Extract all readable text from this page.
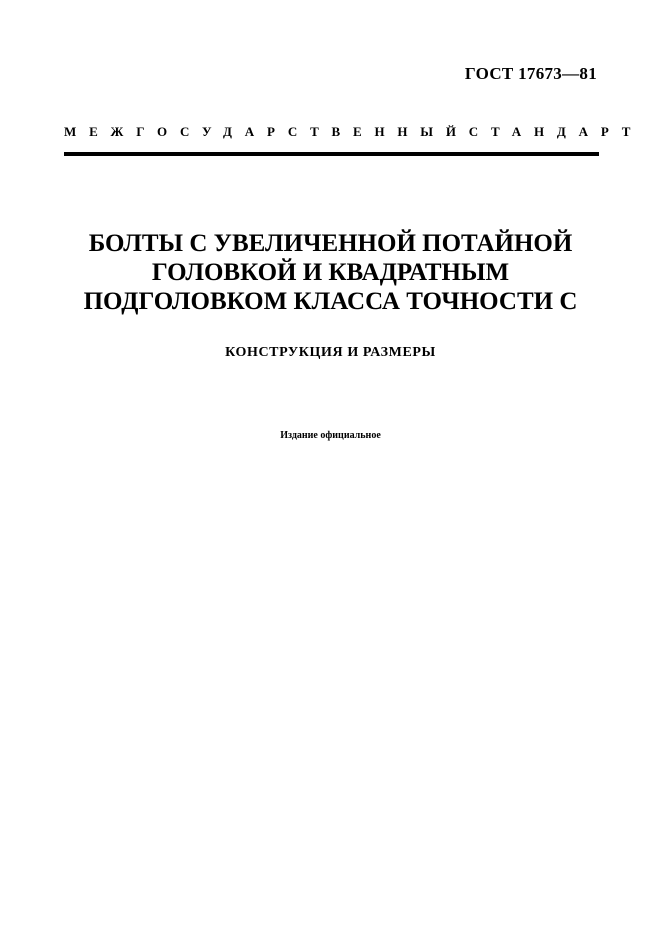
ГОСТ 17673—81
МЕЖГОСУДАРСТВЕННЫЙ СТАНДАРТ
БОЛТЫ С УВЕЛИЧЕННОЙ ПОТАЙНОЙ
ГОЛОВКОЙ И КВАДРАТНЫМ
ПОДГОЛОВКОМ КЛАССА ТОЧНОСТИ С
КОНСТРУКЦИЯ И РАЗМЕРЫ
Издание официальное
